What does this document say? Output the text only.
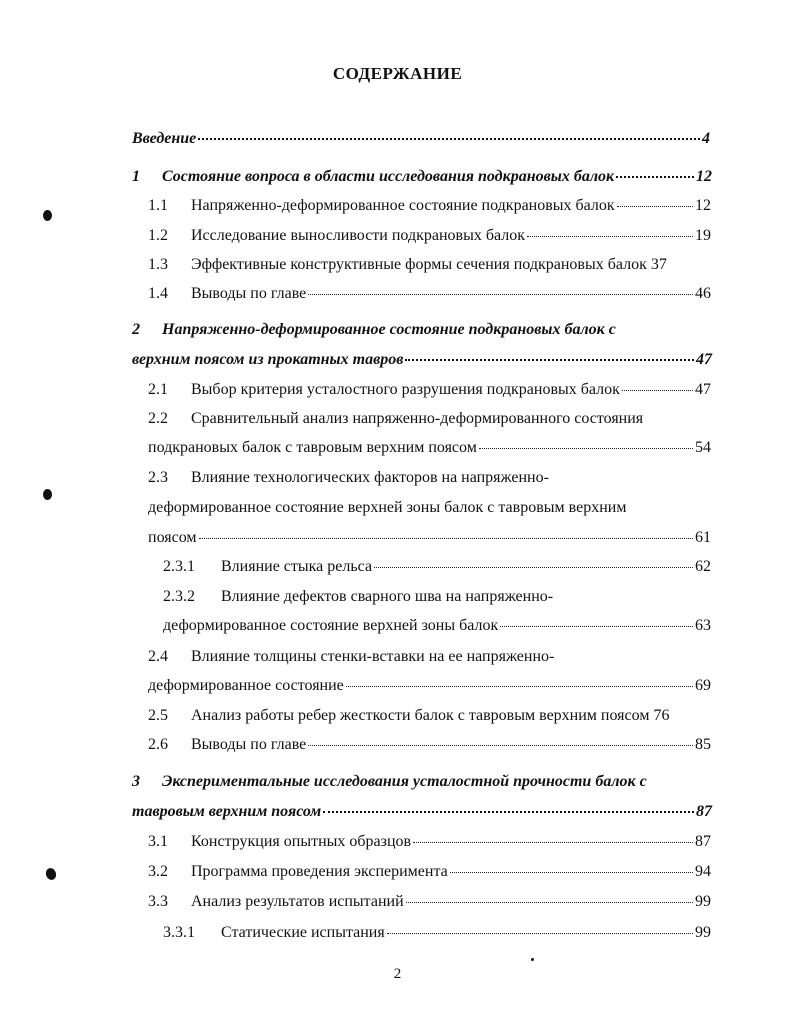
СОДЕРЖАНИЕ
Введение	4
1	Состояние вопроса в области исследования подкрановых балок	12
1.1	Напряженно-деформированное состояние подкрановых балок	12
1.2	Исследование выносливости подкрановых балок	19
1.3	Эффективные конструктивные формы сечения подкрановых балок 37
1.4	Выводы по главе	46
2 Напряженно-деформированное состояние подкрановых балок с
верхним поясом из прокатных тавров	47
2.1	Выбор критерия усталостного разрушения подкрановых балок	47
2.2 Сравнительный анализ напряженно-деформированного состояния
подкрановых балок с тавровым верхним поясом	54
2.3 Влияние технологических факторов на напряженно-
деформированное состояние верхней зоны балок с тавровым верхним
поясом	61
2.3.1	Влияние стыка рельса	62
2.3.2 Влияние дефектов сварного шва на напряженно-
деформированное состояние верхней зоны балок	63
2.4 Влияние толщины стенки-вставки на ее напряженно-
деформированное состояние	69
2.5	Анализ работы ребер жесткости балок с тавровым верхним поясом 76
2.6	Выводы по главе	85
3 Экспериментальные исследования усталостной прочности балок с
тавровым верхним поясом	87
3.1	Конструкция опытных образцов	87
3.2	Программа проведения эксперимента	94
3.3	Анализ результатов испытаний	99
3.3.1	Статические испытания	99
2
